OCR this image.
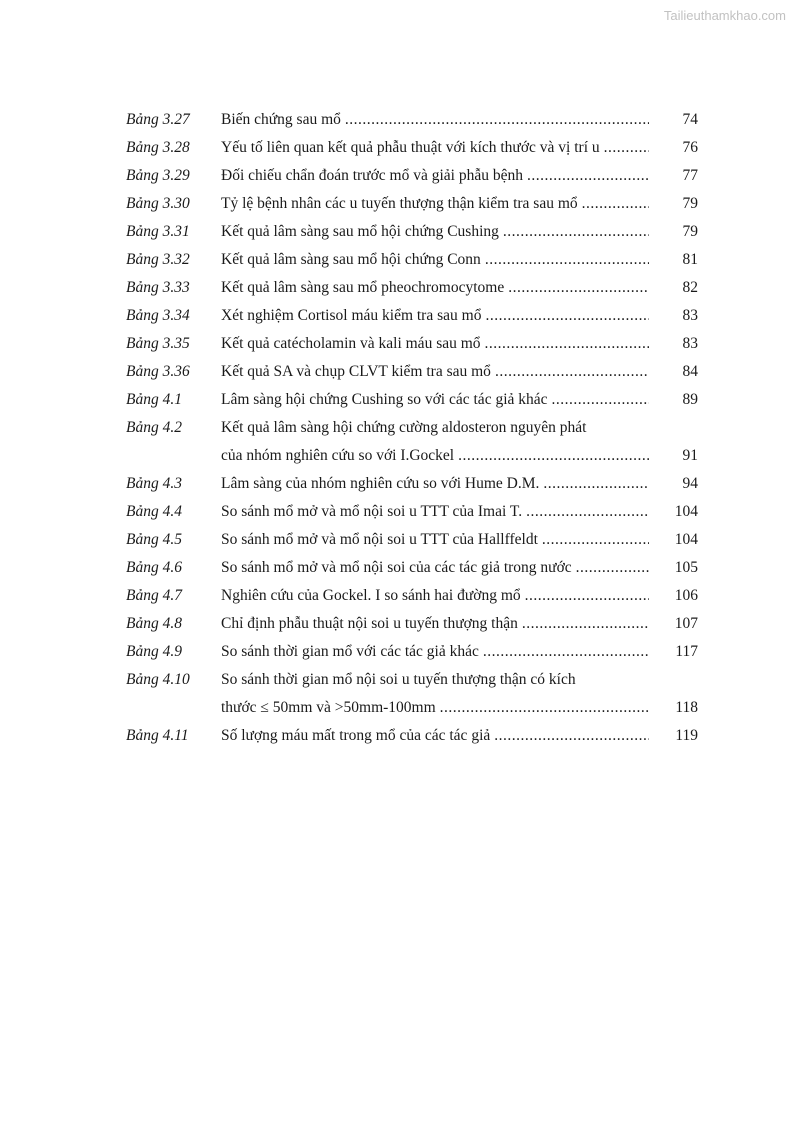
Tailieuthamkhao.com
Bảng 3.27	Biến chứng sau mổ .....	74
Bảng 3.28	Yếu tố liên quan kết quả phẫu thuật với kích thước và vị trí u .....	76
Bảng 3.29	Đối chiếu chẩn đoán trước mổ và giải phẫu bệnh .....	77
Bảng 3.30	Tỷ lệ bệnh nhân các u tuyến thượng thận kiểm tra sau mổ .....	79
Bảng 3.31	Kết quả lâm sàng sau mổ hội chứng Cushing .....	79
Bảng 3.32	Kết quả lâm sàng sau mổ hội chứng Conn .....	81
Bảng 3.33	Kết quả lâm sàng sau mổ pheochromocytome .....	82
Bảng 3.34	Xét nghiệm Cortisol máu kiểm tra sau mổ .....	83
Bảng 3.35	Kết quả catécholamin và kali máu sau mổ .....	83
Bảng 3.36	Kết quả SA và chụp CLVT kiểm tra sau mổ .....	84
Bảng 4.1	Lâm sàng hội chứng Cushing so với các tác giả khác .....	89
Bảng 4.2	Kết quả lâm sàng hội chứng cường aldosteron nguyên phát
của nhóm nghiên cứu so với I.Gockel .....	91
Bảng 4.3	Lâm sàng của nhóm nghiên cứu so với Hume D.M. .....	94
Bảng 4.4	So sánh mổ mở và mổ nội soi u TTT của Imai T. .....	104
Bảng 4.5	So sánh mổ mở và mổ nội soi u TTT của Hallffeldt .....	104
Bảng 4.6	So sánh mổ mở và mổ nội soi của các tác giả trong nước .....	105
Bảng 4.7	Nghiên cứu của Gockel. I so sánh hai đường mổ .....	106
Bảng 4.8	Chỉ định phẫu thuật nội soi u tuyến thượng thận .....	107
Bảng 4.9	So sánh thời gian mổ với các tác giả khác .....	117
Bảng 4.10	So sánh thời gian mổ nội soi u tuyến thượng thận có kích
thước ≤ 50mm và >50mm-100mm .....	118
Bảng 4.11	Số lượng máu mất trong mổ của các tác giả .....	119
